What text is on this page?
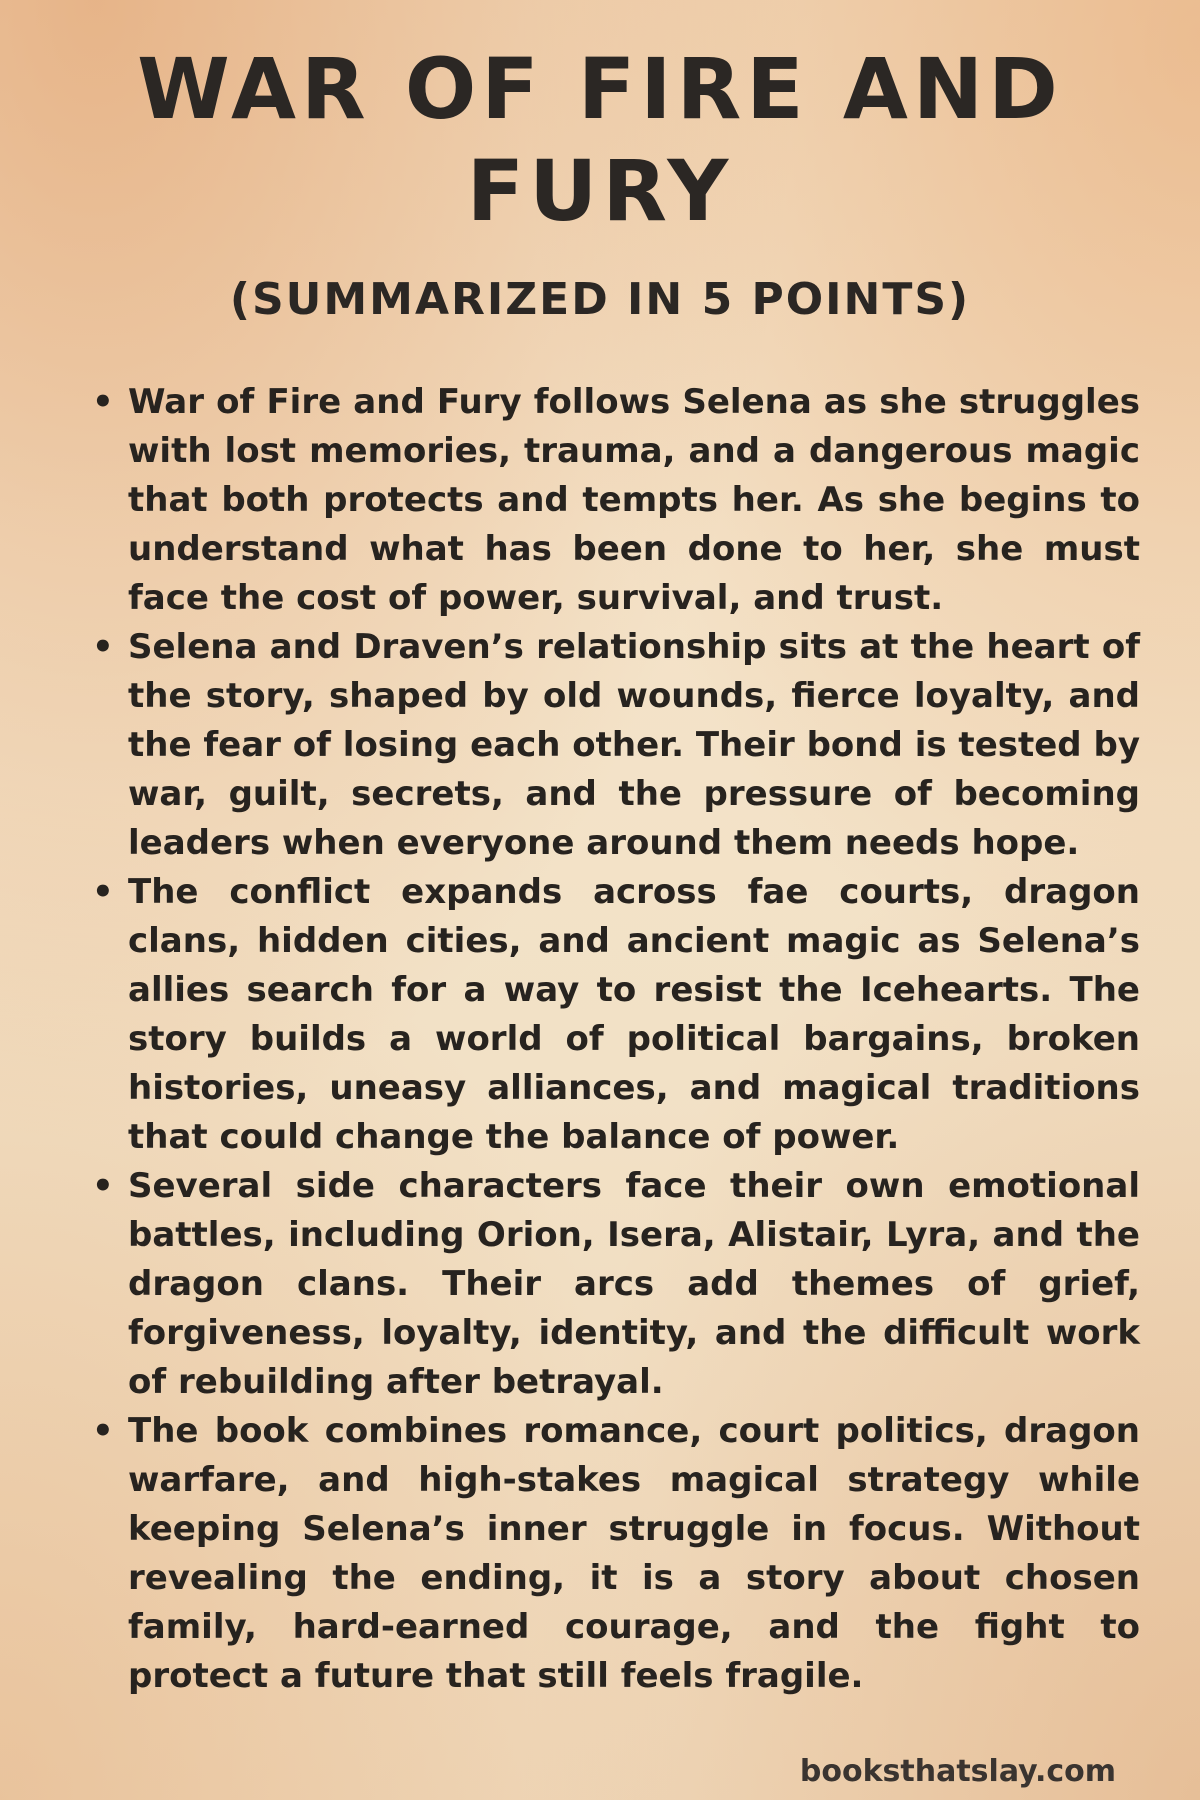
WAR OF FIRE AND FURY
(SUMMARIZED IN 5 POINTS)
• War of Fire and Fury follows Selena as she struggles with lost memories, trauma, and a dangerous magic that both protects and tempts her. As she begins to understand what has been done to her, she must face the cost of power, survival, and trust.
• Selena and Draven’s relationship sits at the heart of the story, shaped by old wounds, fierce loyalty, and the fear of losing each other. Their bond is tested by war, guilt, secrets, and the pressure of becoming leaders when everyone around them needs hope.
• The conflict expands across fae courts, dragon clans, hidden cities, and ancient magic as Selena’s allies search for a way to resist the Icehearts. The story builds a world of political bargains, broken histories, uneasy alliances, and magical traditions that could change the balance of power.
• Several side characters face their own emotional battles, including Orion, Isera, Alistair, Lyra, and the dragon clans. Their arcs add themes of grief, forgiveness, loyalty, identity, and the difficult work of rebuilding after betrayal.
• The book combines romance, court politics, dragon warfare, and high-stakes magical strategy while keeping Selena’s inner struggle in focus. Without revealing the ending, it is a story about chosen family, hard-earned courage, and the fight to protect a future that still feels fragile.
booksthatslay.com
